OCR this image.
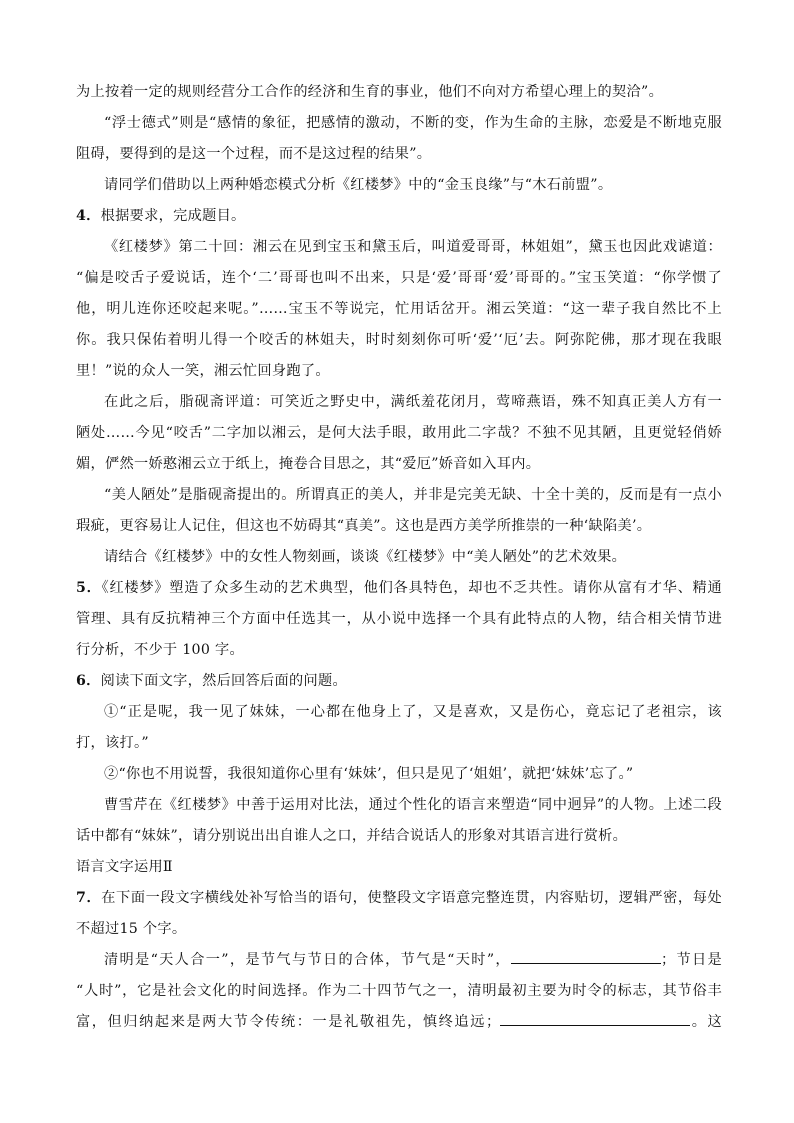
为上按着一定的规则经营分工合作的经济和生育的事业，他们不向对方希望心理上的契洽”。
“浮士德式”则是“感情的象征，把感情的激动，不断的变，作为生命的主脉，恋爱是不断地克服
阻碍，要得到的是这一个过程，而不是这过程的结果”。
请同学们借助以上两种婚恋模式分析《红楼梦》中的“金玉良缘”与“木石前盟”。
4．根据要求，完成题目。
《红楼梦》第二十回：湘云在见到宝玉和黛玉后，叫道爱哥哥，林姐姐”，黛玉也因此戏谑道：
“偏是咬舌子爱说话，连个‘二’哥哥也叫不出来，只是‘爱’哥哥‘爱’哥哥的。”宝玉笑道：“你学惯了
他，明儿连你还咬起来呢。”……宝玉不等说完，忙用话岔开。湘云笑道：“这一辈子我自然比不上
你。我只保佑着明儿得一个咬舌的林姐夫，时时刻刻你可听‘爱’‘厄’去。阿弥陀佛，那才现在我眼
里！”说的众人一笑，湘云忙回身跑了。
在此之后，脂砚斋评道：可笑近之野史中，满纸羞花闭月，莺啼燕语，殊不知真正美人方有一
陋处……今见“咬舌”二字加以湘云，是何大法手眼，敢用此二字哉？不独不见其陋，且更觉轻俏娇
媚，俨然一娇憨湘云立于纸上，掩卷合目思之，其“爱厄”娇音如入耳内。
“美人陋处”是脂砚斋提出的。所谓真正的美人，并非是完美无缺、十全十美的，反而是有一点小
瑕疵，更容易让人记住，但这也不妨碍其“真美”。这也是西方美学所推崇的一种‘缺陷美’。
请结合《红楼梦》中的女性人物刻画，谈谈《红楼梦》中“美人陋处”的艺术效果。
5．《红楼梦》塑造了众多生动的艺术典型，他们各具特色，却也不乏共性。请你从富有才华、精通
管理、具有反抗精神三个方面中任选其一，从小说中选择一个具有此特点的人物，结合相关情节进
行分析，不少于 100 字。
6．阅读下面文字，然后回答后面的问题。
①“正是呢，我一见了妹妹，一心都在他身上了，又是喜欢，又是伤心，竟忘记了老祖宗，该
打，该打。”
②“你也不用说誓，我很知道你心里有‘妹妹’，但只是见了‘姐姐’，就把‘妹妹’忘了。”
曹雪芹在《红楼梦》中善于运用对比法，通过个性化的语言来塑造“同中迥异”的人物。上述二段
话中都有“妹妹”，请分别说出出自谁人之口，并结合说话人的形象对其语言进行赏析。
语言文字运用Ⅱ
7．在下面一段文字横线处补写恰当的语句，使整段文字语意完整连贯，内容贴切，逻辑严密，每处
不超过15 个字。
清明是“天人合一”，是节气与节日的合体，节气是“天时”，	；节日是
“人时”，它是社会文化的时间选择。作为二十四节气之一，清明最初主要为时令的标志，其节俗丰
富，但归纳起来是两大节令传统：一是礼敬祖先，慎终追远；	。这
